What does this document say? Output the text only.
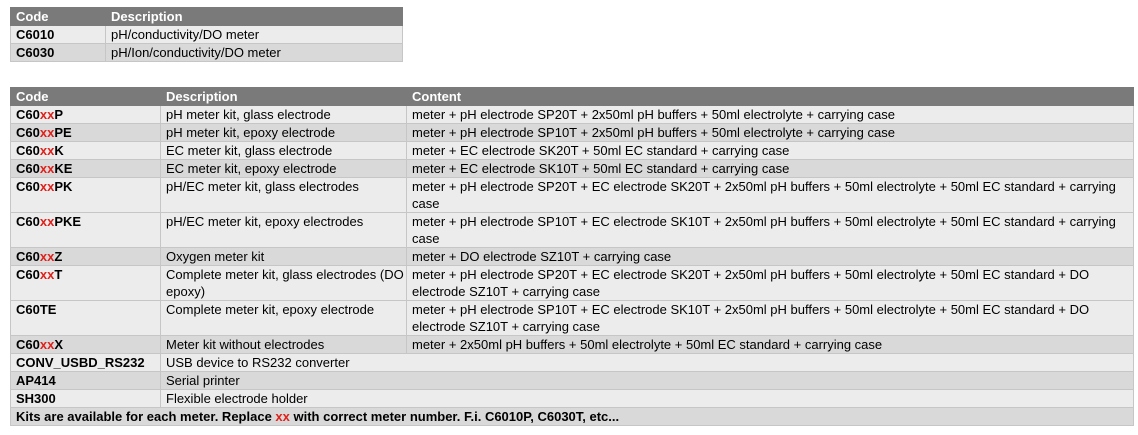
Code	Description
C6010	pH/conductivity/DO meter
C6030	pH/Ion/conductivity/DO meter
Code	Description	Content
C60xxP	pH meter kit, glass electrode	meter + pH electrode SP20T + 2x50ml pH buffers + 50ml electrolyte + carrying case
C60xxPE	pH meter kit, epoxy electrode	meter + pH electrode SP10T + 2x50ml pH buffers + 50ml electrolyte + carrying case
C60xxK	EC meter kit, glass electrode	meter + EC electrode SK20T + 50ml EC standard + carrying case
C60xxKE	EC meter kit, epoxy electrode	meter + EC electrode SK10T + 50ml EC standard + carrying case
C60xxPK	pH/EC meter kit, glass electrodes	meter + pH electrode SP20T + EC electrode SK20T + 2x50ml pH buffers + 50ml electrolyte + 50ml EC standard + carrying case
C60xxPKE	pH/EC meter kit, epoxy electrodes	meter + pH electrode SP10T + EC electrode SK10T + 2x50ml pH buffers + 50ml electrolyte + 50ml EC standard + carrying case
C60xxZ	Oxygen meter kit	meter + DO electrode SZ10T + carrying case
C60xxT	Complete meter kit, glass electrodes (DO epoxy)	meter + pH electrode SP20T + EC electrode SK20T + 2x50ml pH buffers + 50ml electrolyte + 50ml EC standard + DO electrode SZ10T + carrying case
C60TE	Complete meter kit, epoxy electrode	meter + pH electrode SP10T + EC electrode SK10T + 2x50ml pH buffers + 50ml electrolyte + 50ml EC standard + DO electrode SZ10T + carrying case
C60xxX	Meter kit without electrodes	meter + 2x50ml pH buffers + 50ml electrolyte + 50ml EC standard + carrying case
CONV_USBD_RS232	USB device to RS232 converter	
AP414	Serial printer	
SH300	Flexible electrode holder	
Kits are available for each meter. Replace xx with correct meter number. F.i. C6010P, C6030T, etc...		
